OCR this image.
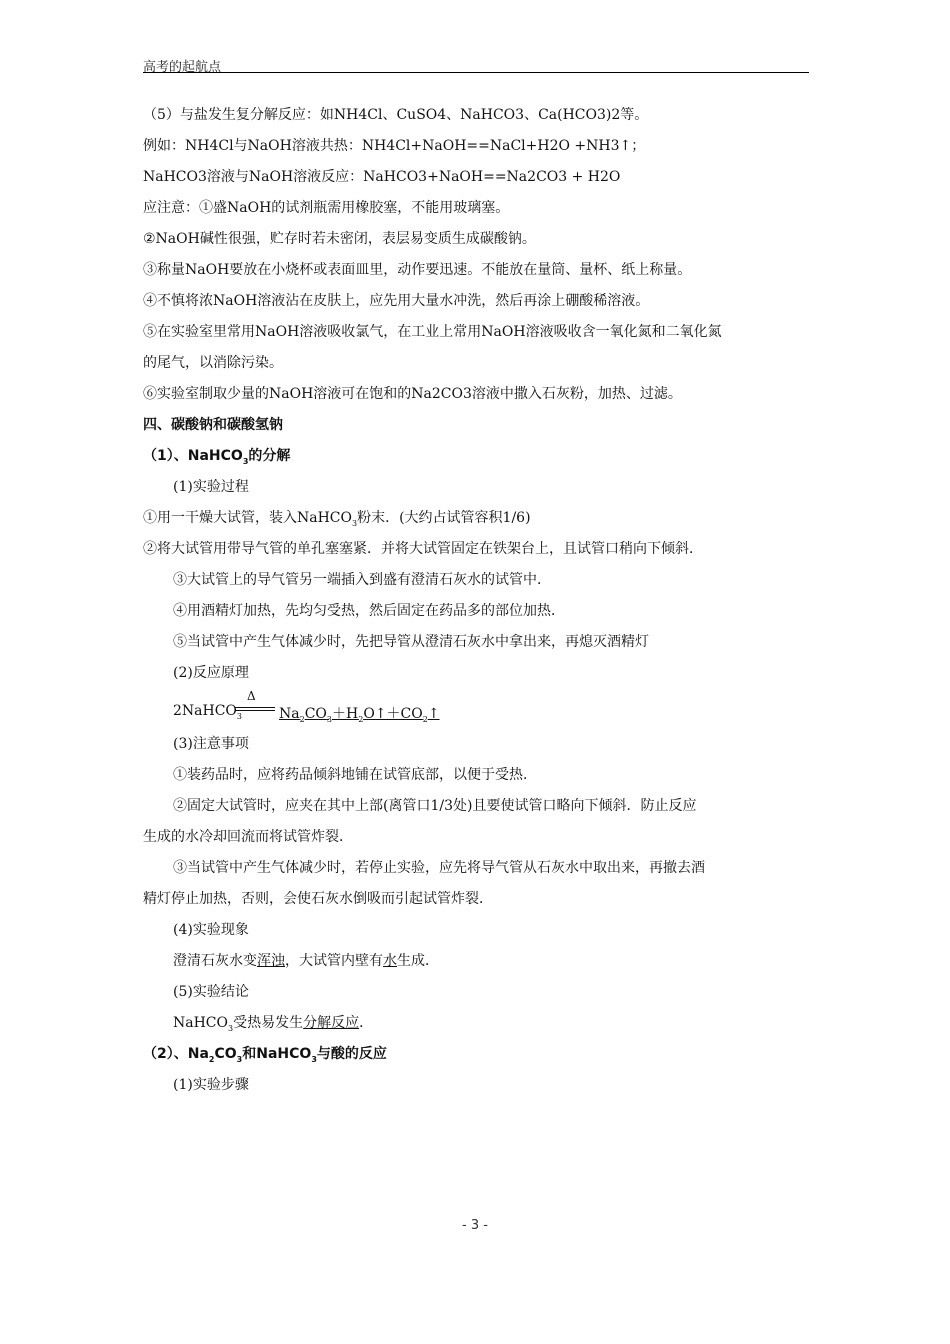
高考的起航点
（5）与盐发生复分解反应：如NH4Cl、CuSO4、NaHCO3、Ca(HCO3)2等。
例如：NH4Cl与NaOH溶液共热：NH4Cl+NaOH==NaCl+H2O +NH3↑；
NaHCO3溶液与NaOH溶液反应：NaHCO3+NaOH==Na2CO3 + H2O
应注意：①盛NaOH的试剂瓶需用橡胶塞，不能用玻璃塞。
②NaOH碱性很强，贮存时若未密闭，表层易变质生成碳酸钠。
③称量NaOH要放在小烧杯或表面皿里，动作要迅速。不能放在量筒、量杯、纸上称量。
④不慎将浓NaOH溶液沾在皮肤上，应先用大量水冲洗，然后再涂上硼酸稀溶液。
⑤在实验室里常用NaOH溶液吸收氯气，在工业上常用NaOH溶液吸收含一氧化氮和二氧化氮
的尾气，以消除污染。
⑥实验室制取少量的NaOH溶液可在饱和的Na2CO3溶液中撒入石灰粉，加热、过滤。
四、碳酸钠和碳酸氢钠
（1）、NaHCO$_3$的分解
(1)实验过程
①用一干燥大试管，装入NaHCO$_3$粉末．(大约占试管容积1/6)
②将大试管用带导气管的单孔塞塞紧．并将大试管固定在铁架台上，且试管口稍向下倾斜．
③大试管上的导气管另一端插入到盛有澄清石灰水的试管中．
④用酒精灯加热，先均匀受热，然后固定在药品多的部位加热．
⑤当试管中产生气体减少时，先把导管从澄清石灰水中拿出来，再熄灭酒精灯
(2)反应原理
2NaHCO$_3$
Δ
$Na_2CO_3+H_2O↑+CO_2↑$
(3)注意事项
①装药品时，应将药品倾斜地铺在试管底部，以便于受热．
②固定大试管时，应夹在其中上部(离管口1/3处)且要使试管口略向下倾斜．防止反应
生成的水冷却回流而将试管炸裂．
③当试管中产生气体减少时，若停止实验，应先将导气管从石灰水中取出来，再撤去酒
精灯停止加热，否则，会使石灰水倒吸而引起试管炸裂．
(4)实验现象
澄清石灰水变浑浊，大试管内壁有水生成．
(5)实验结论
NaHCO$_3$受热易发生分解反应．
（2）、$Na_2CO_3$和NaHCO$_3$与酸的反应
(1)实验步骤
- 3 -
